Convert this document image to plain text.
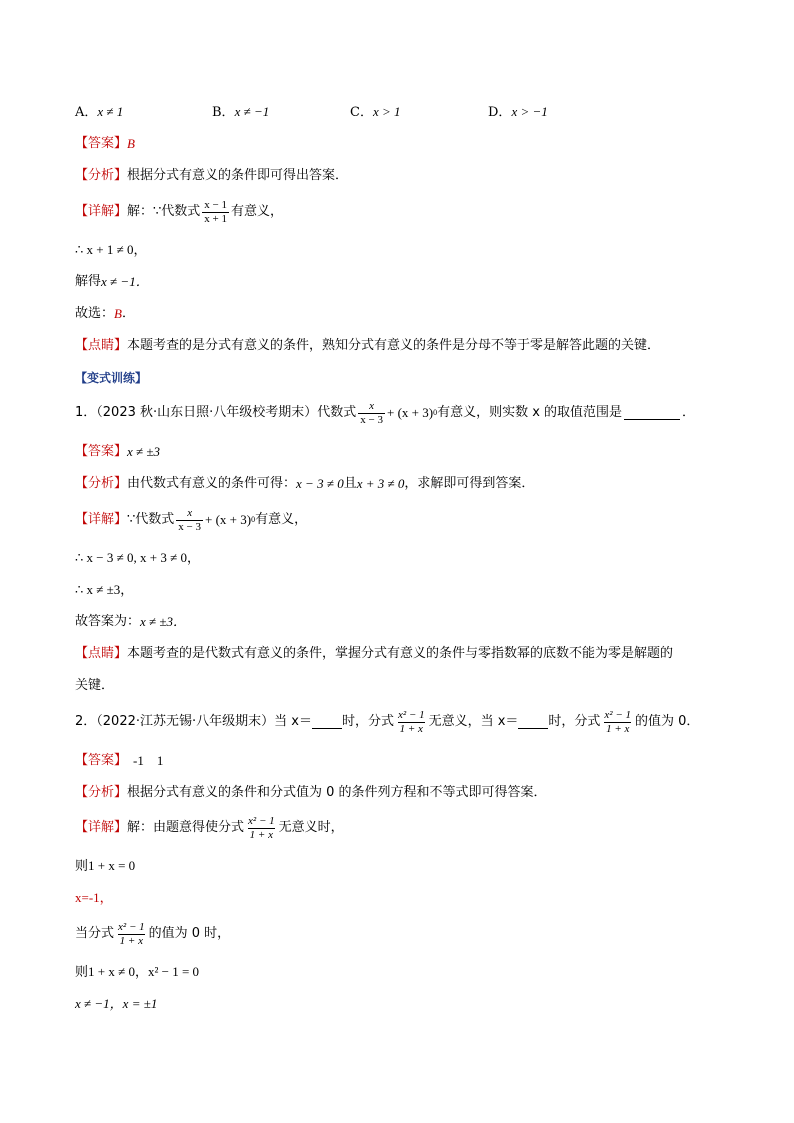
A．x ≠ 1	B．x ≠ −1	C．x > 1	D．x > −1
【答案】 B
【分析】 根据分式有意义的条件即可得出答案．
【详解】 解：∵代数式 $\frac{x - 1}{x + 1}$ 有意义，
∴ x + 1 ≠ 0，
解得 x ≠ −1．
故选： B ．
【点睛】 本题考查的是分式有意义的条件，熟知分式有意义的条件是分母不等于零是解答此题的关键．
【变式训练】
1．（2023 秋·山东日照·八年级校考期末）代数式 $\frac{x}{x - 3} + (x + 3)$ 0 有意义，则实数 x 的取值范围是	．
【答案】 x ≠ ±3
【分析】 由代数式有意义的条件可得： x − 3 ≠ 0 且 x + 3 ≠ 0 ，求解即可得到答案．
【详解】 ∵代数式 $\frac{x}{x - 3} + (x + 3)$ 0 有意义，
∴ x − 3 ≠ 0, x + 3 ≠ 0，
∴ x ≠ ±3，
故答案为： x ≠ ±3．
【点睛】 本题考查的是代数式有意义的条件，掌握分式有意义的条件与零指数幂的底数不能为零是解题的
关键．
2．（2022·江苏无锡·八年级期末）当 x＝ 时，分式 $\frac{\text{x² − 1}}{1 + x}$ 无意义，当 x＝ 时，分式 $\frac{\text{x² − 1}}{1 + x}$ 的值为 0．
【答案】 -1    1
【分析】 根据分式有意义的条件和分式值为 0 的条件列方程和不等式即可得答案．
【详解】 解：由题意得使分式 $\frac{\text{x² − 1}}{1 + x}$ 无意义时，
则1 + x = 0
x=-1，
当分式 $\frac{\text{x² − 1}}{1 + x}$ 的值为 0 时，
则1 + x ≠ 0，x² − 1 = 0
x ≠ −1，x = ±1
